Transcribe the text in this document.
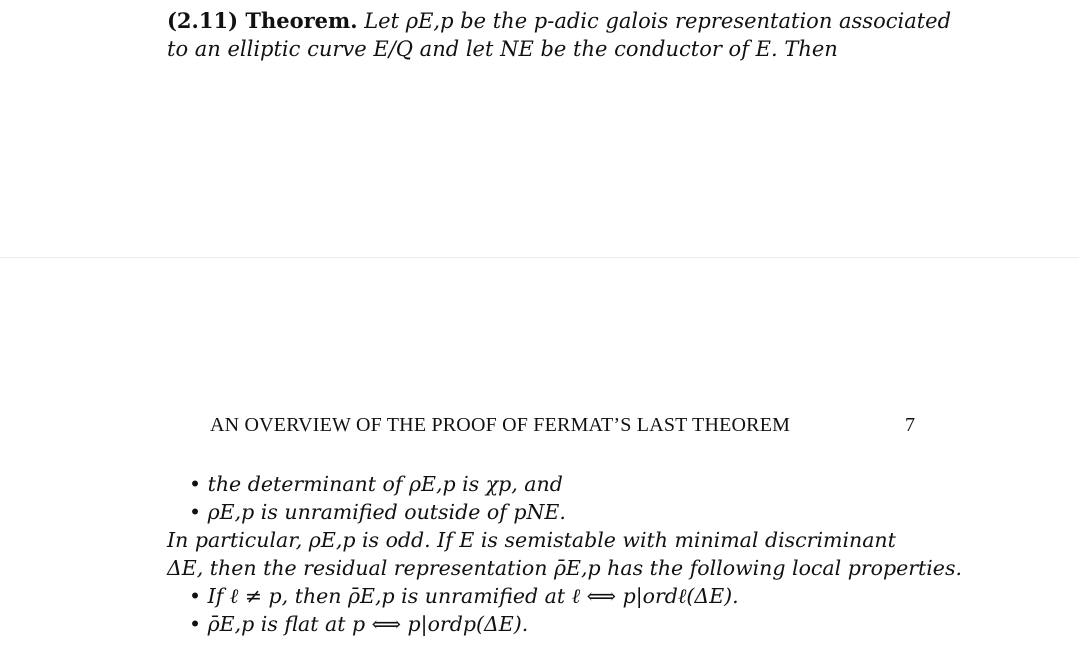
(2.11) Theorem. Let ρE,p be the p-adic galois representation associated
to an elliptic curve E/Q and let NE be the conductor of E. Then
AN OVERVIEW OF THE PROOF OF FERMAT’S LAST THEOREM	7
• the determinant of ρE,p is χp, and
• ρE,p is unramified outside of pNE.
In particular, ρE,p is odd. If E is semistable with minimal discriminant
ΔE, then the residual representation ρ̄E,p has the following local properties.
• If ℓ ≠ p, then ρ̄E,p is unramified at ℓ ⟺ p|ordℓ(ΔE).
• ρ̄E,p is flat at p ⟺ p|ordp(ΔE).
